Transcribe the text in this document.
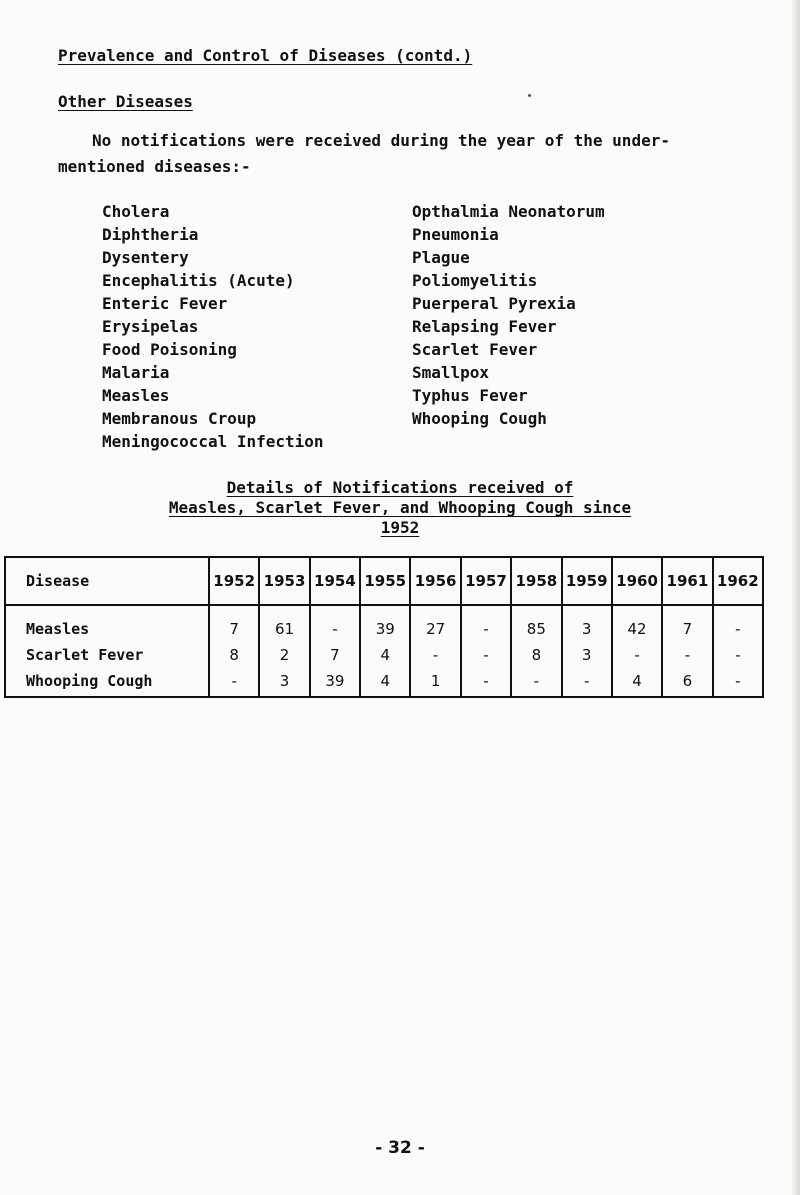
Prevalence and Control of Diseases (contd.)
Other Diseases
No notifications were received during the year of the under-
mentioned diseases:-
Cholera
Diphtheria
Dysentery
Encephalitis (Acute)
Enteric Fever
Erysipelas
Food Poisoning
Malaria
Measles
Membranous Croup
Meningococcal Infection
Opthalmia Neonatorum
Pneumonia
Plague
Poliomyelitis
Puerperal Pyrexia
Relapsing Fever
Scarlet Fever
Smallpox
Typhus Fever
Whooping Cough
Details of Notifications received of
Measles, Scarlet Fever, and Whooping Cough since
1952
Disease	1952	1953	1954	1955	1956	1957	1958	1959	1960	1961	1962
Measles	7	61	-	39	27	-	85	3	42	7	-
Scarlet Fever	8	2	7	4	-	-	8	3	-	-	-
Whooping Cough	-	3	39	4	1	-	-	-	4	6	-
- 32 -
